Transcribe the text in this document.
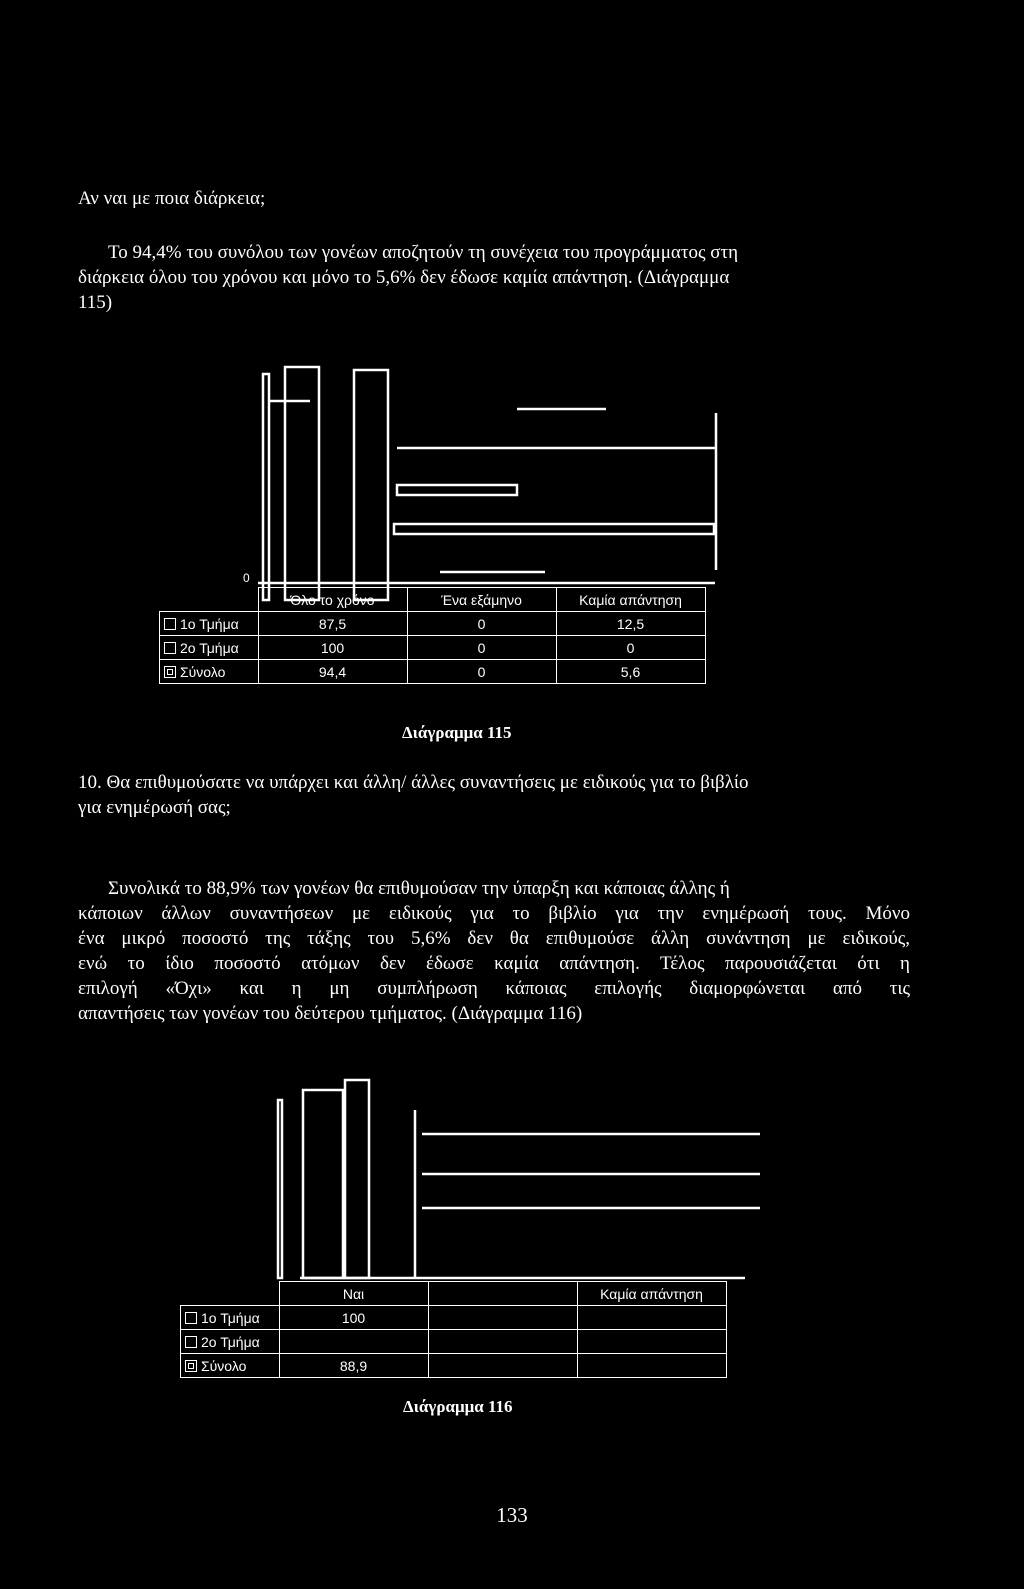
Αν ναι με ποια διάρκεια;
Το 94,4% του συνόλου των γονέων αποζητούν τη συνέχεια του προγράμματος στη
διάρκεια όλου του χρόνου και μόνο το 5,6% δεν έδωσε καμία απάντηση. (Διάγραμμα
115)
0
	Όλο το χρόνο	Ένα εξάμηνο	Καμία απάντηση
1ο Τμήμα	87,5	0	12,5
2ο Τμήμα	100	0	0
Σύνολο	94,4	0	5,6
Διάγραμμα 115
10. Θα επιθυμούσατε να υπάρχει και άλλη/ άλλες συναντήσεις με ειδικούς για το βιβλίο
για ενημέρωσή σας;
Συνολικά το 88,9% των γονέων θα επιθυμούσαν την ύπαρξη και κάποιας άλλης ή
κάποιων άλλων συναντήσεων με ειδικούς για το βιβλίο για την ενημέρωσή τους. Μόνο
ένα μικρό ποσοστό της τάξης του 5,6% δεν θα επιθυμούσε άλλη συνάντηση με ειδικούς,
ενώ το ίδιο ποσοστό ατόμων δεν έδωσε καμία απάντηση. Τέλος παρουσιάζεται ότι η
επιλογή «Όχι» και η μη συμπλήρωση κάποιας επιλογής διαμορφώνεται από τις
απαντήσεις των γονέων του δεύτερου τμήματος. (Διάγραμμα 116)
	Ναι		Καμία απάντηση
1ο Τμήμα	100		
2ο Τμήμα			
Σύνολο	88,9		
Διάγραμμα 116
133
